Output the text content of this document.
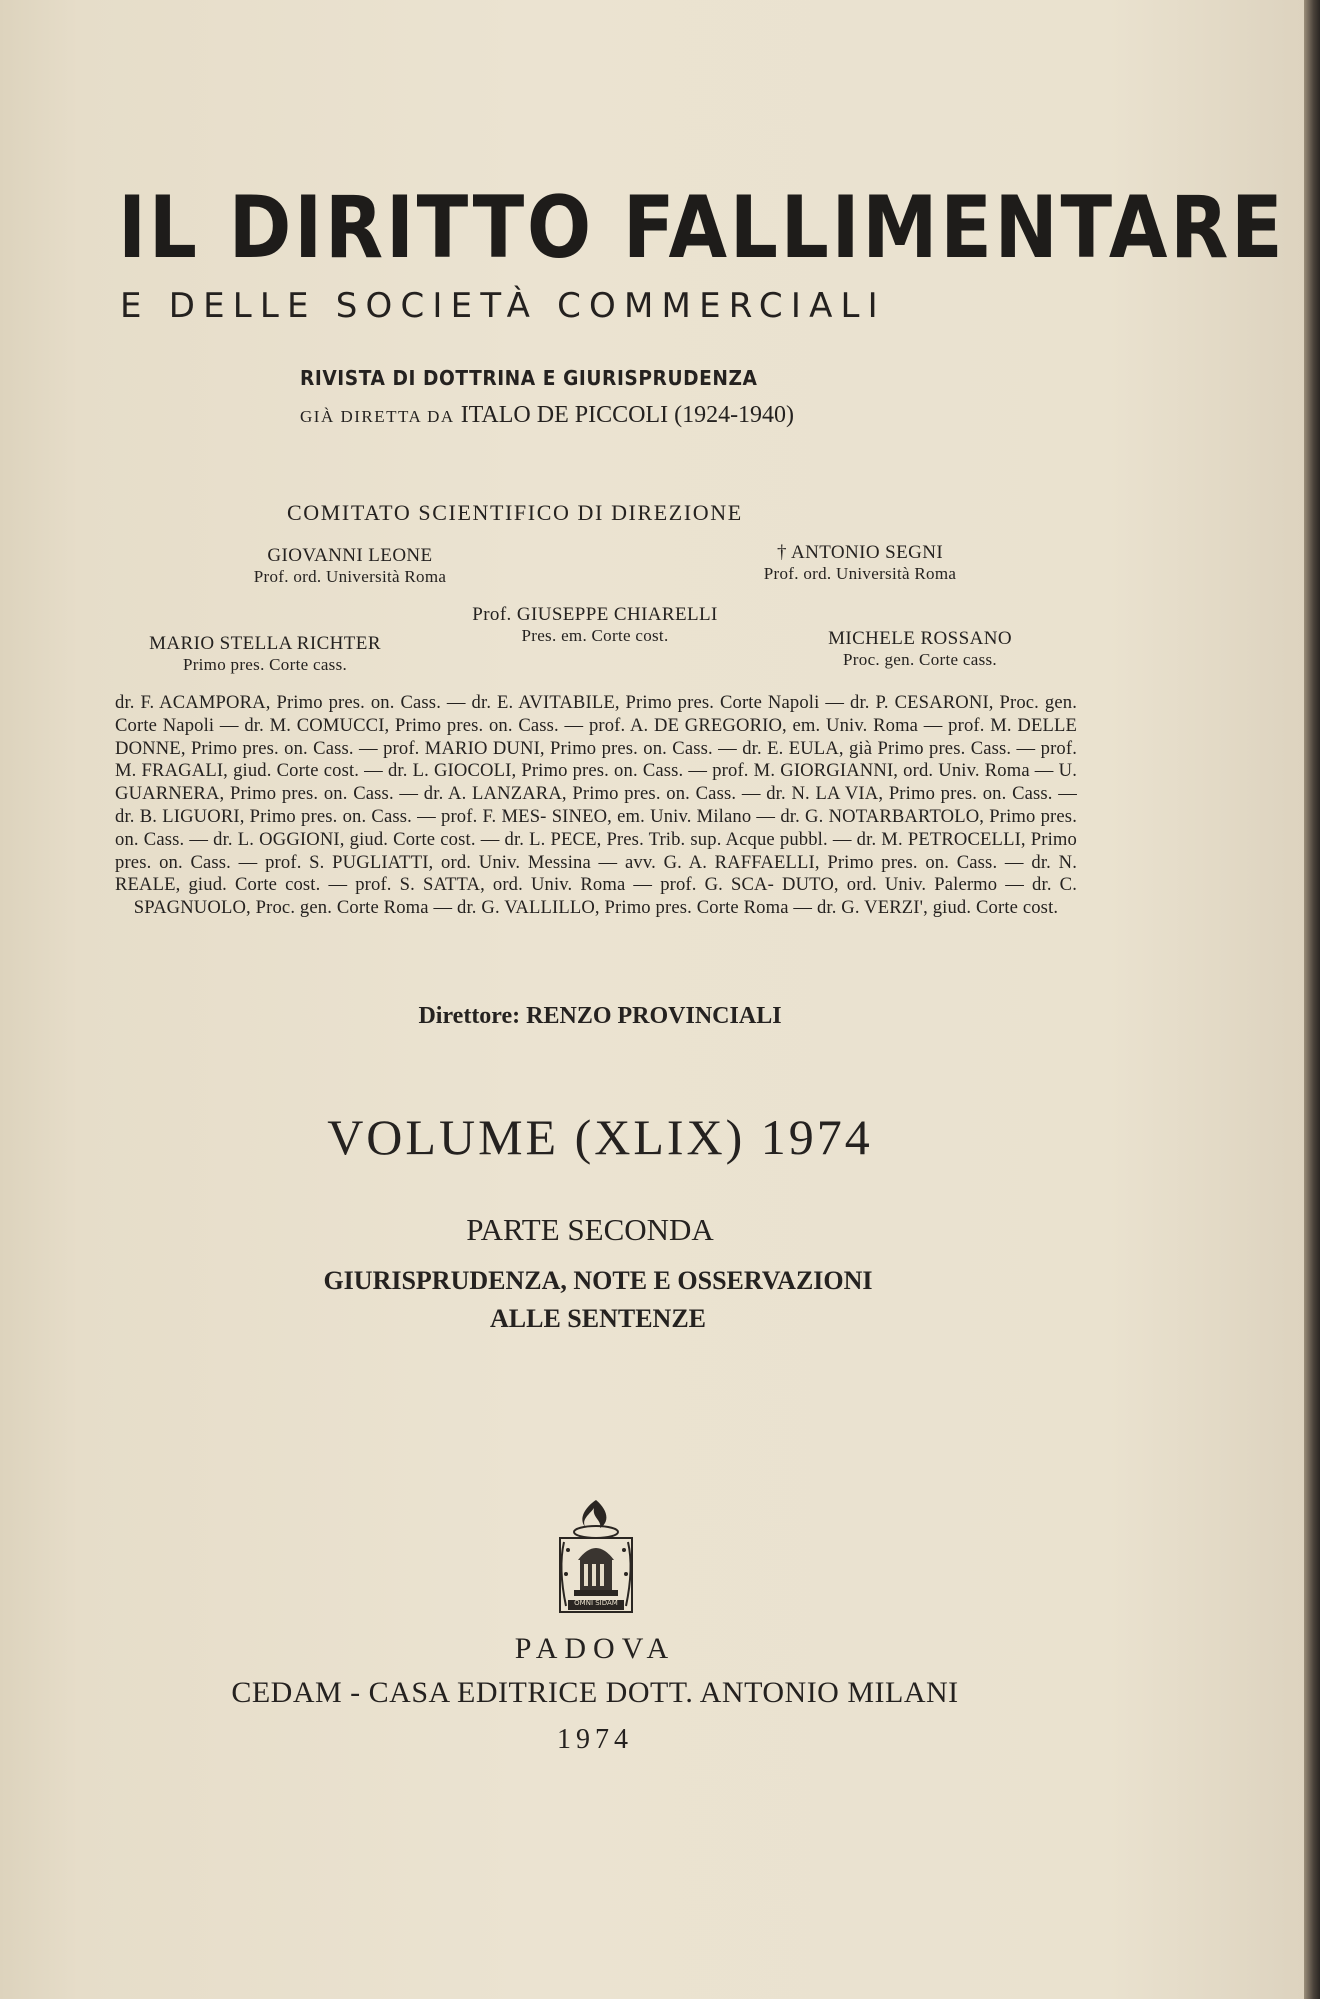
IL DIRITTO FALLIMENTARE
E DELLE SOCIETÀ COMMERCIALI
RIVISTA DI DOTTRINA E GIURISPRUDENZA
GIÀ DIRETTA DA ITALO DE PICCOLI (1924-1940)
COMITATO SCIENTIFICO DI DIREZIONE
GIOVANNI LEONE
Prof. ord. Università Roma
† ANTONIO SEGNI
Prof. ord. Università Roma
Prof. GIUSEPPE CHIARELLI
Pres. em. Corte cost.
MARIO STELLA RICHTER
Primo pres. Corte cass.
MICHELE ROSSANO
Proc. gen. Corte cass.
dr. F. ACAMPORA, Primo pres. on. Cass. — dr. E. AVITABILE, Primo pres. Corte Napoli — dr. P. CESARONI, Proc. gen. Corte Napoli — dr. M. COMUCCI, Primo pres. on. Cass. — prof. A. DE GREGORIO, em. Univ. Roma — prof. M. DELLE DONNE, Primo pres. on. Cass. — prof. MARIO DUNI, Primo pres. on. Cass. — dr. E. EULA, già Primo pres. Cass. — prof. M. FRAGALI, giud. Corte cost. — dr. L. GIOCOLI, Primo pres. on. Cass. — prof. M. GIORGIANNI, ord. Univ. Roma — U. GUARNERA, Primo pres. on. Cass. — dr. A. LANZARA, Primo pres. on. Cass. — dr. N. LA VIA, Primo pres. on. Cass. — dr. B. LIGUORI, Primo pres. on. Cass. — prof. F. MES- SINEO, em. Univ. Milano — dr. G. NOTARBARTOLO, Primo pres. on. Cass. — dr. L. OGGIONI, giud. Corte cost. — dr. L. PECE, Pres. Trib. sup. Acque pubbl. — dr. M. PETROCELLI, Primo pres. on. Cass. — prof. S. PUGLIATTI, ord. Univ. Messina — avv. G. A. RAFFAELLI, Primo pres. on. Cass. — dr. N. REALE, giud. Corte cost. — prof. S. SATTA, ord. Univ. Roma — prof. G. SCA- DUTO, ord. Univ. Palermo — dr. C. SPAGNUOLO, Proc. gen. Corte Roma — dr. G. VALLILLO, Primo pres. Corte Roma — dr. G. VERZI', giud. Corte cost.
Direttore: RENZO PROVINCIALI
VOLUME (XLIX) 1974
PARTE SECONDA
GIURISPRUDENZA, NOTE E OSSERVAZIONI
ALLE SENTENZE
OMNI SIDAM
PADOVA
CEDAM - CASA EDITRICE DOTT. ANTONIO MILANI
1974
